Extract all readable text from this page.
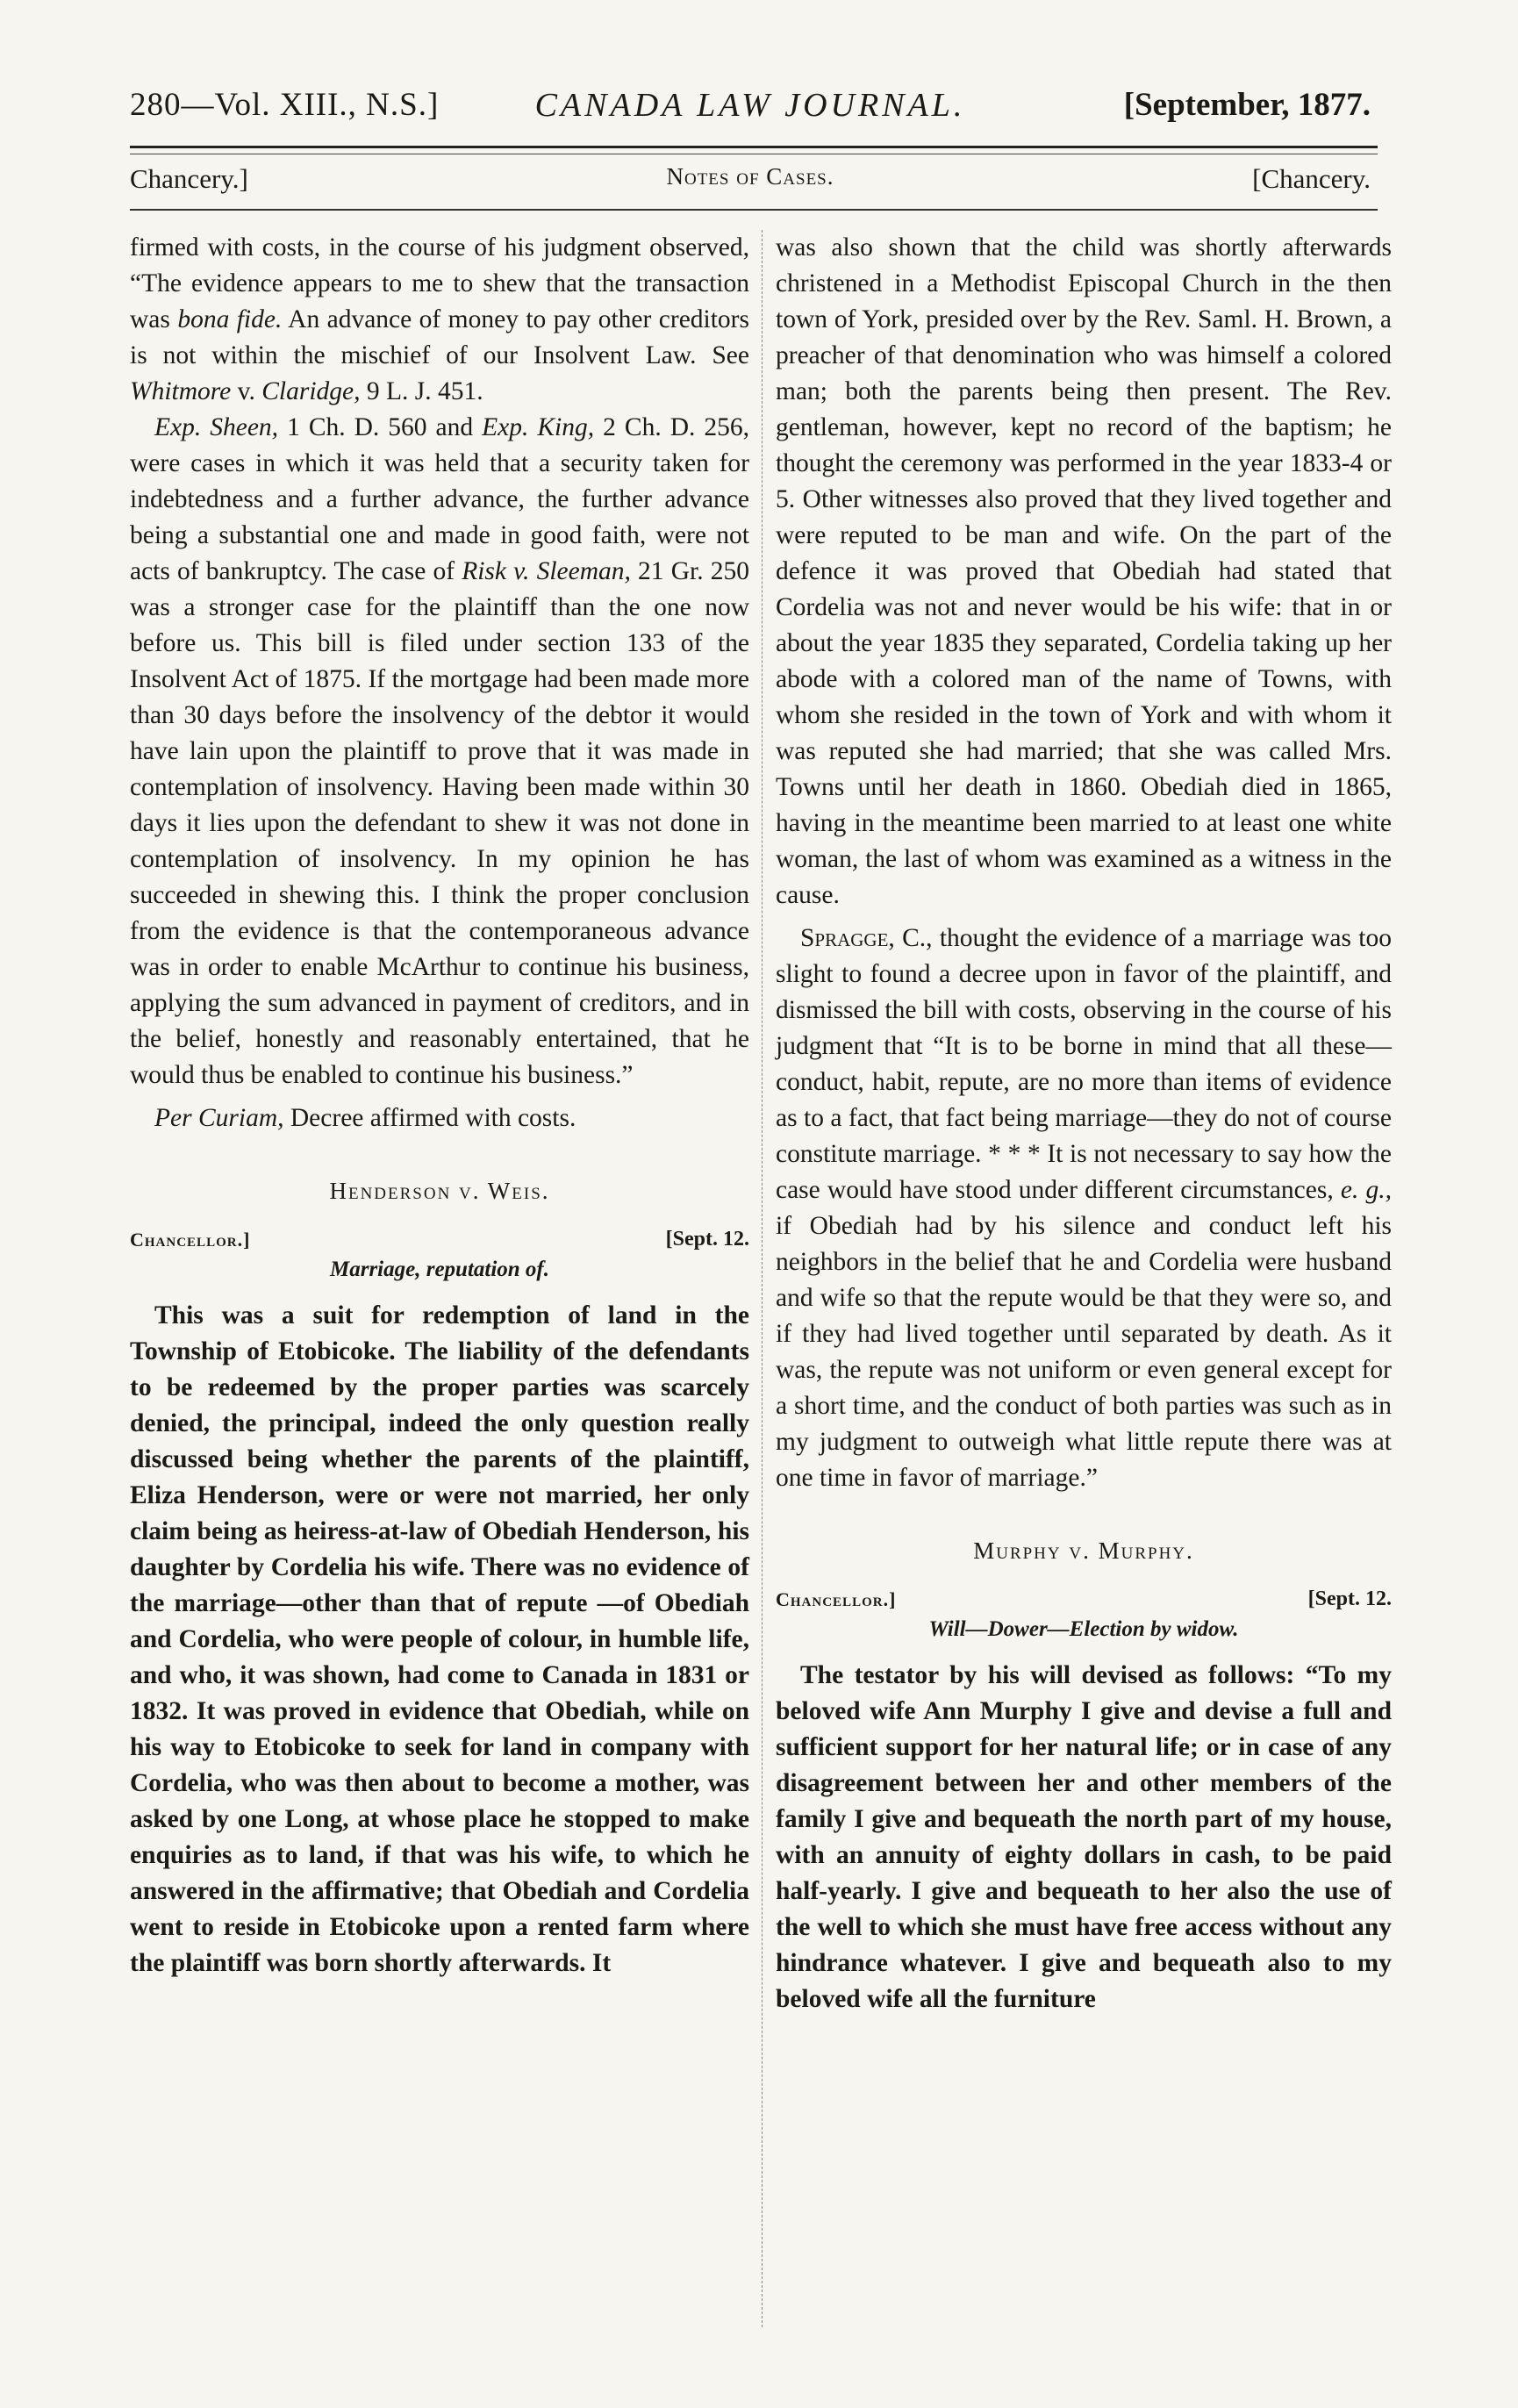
280—Vol. XIII., N.S.]	CANADA LAW JOURNAL.	[September, 1877.
Chancery.]	Notes of Cases.	[Chancery.

firmed with costs, in the course of his judgment observed, “The evidence appears to me to shew that the transaction was bona fide. An advance of money to pay other creditors is not within the mischief of our Insolvent Law. See Whitmore v. Claridge, 9 L. J. 451.

Exp. Sheen, 1 Ch. D. 560 and Exp. King, 2 Ch. D. 256, were cases in which it was held that a security taken for indebtedness and a further advance, the further advance being a substantial one and made in good faith, were not acts of bankruptcy. The case of Risk v. Sleeman, 21 Gr. 250 was a stronger case for the plaintiff than the one now before us. This bill is filed under section 133 of the Insolvent Act of 1875. If the mortgage had been made more than 30 days before the insolvency of the debtor it would have lain upon the plaintiff to prove that it was made in contemplation of insolvency. Having been made within 30 days it lies upon the defendant to shew it was not done in contemplation of insolvency. In my opinion he has succeeded in shewing this. I think the proper conclusion from the evidence is that the contemporaneous advance was in order to enable McArthur to continue his business, applying the sum advanced in payment of creditors, and in the belief, honestly and reasonably entertained, that he would thus be enabled to continue his business.”

Per Curiam, Decree affirmed with costs.

Henderson v. Weis.
Chancellor.]	[Sept. 12.
Marriage, reputation of.

This was a suit for redemption of land in the Township of Etobicoke. The liability of the defendants to be redeemed by the proper parties was scarcely denied, the principal, indeed the only question really discussed being whether the parents of the plaintiff, Eliza Henderson, were or were not married, her only claim being as heiress-at-law of Obediah Henderson, his daughter by Cordelia his wife. There was no evidence of the marriage—other than that of repute —of Obediah and Cordelia, who were people of colour, in humble life, and who, it was shown, had come to Canada in 1831 or 1832. It was proved in evidence that Obediah, while on his way to Etobicoke to seek for land in company with Cordelia, who was then about to become a mother, was asked by one Long, at whose place he stopped to make enquiries as to land, if that was his wife, to which he answered in the affirmative; that Obediah and Cordelia went to reside in Etobicoke upon a rented farm where the plaintiff was born shortly afterwards. It

was also shown that the child was shortly afterwards christened in a Methodist Episcopal Church in the then town of York, presided over by the Rev. Saml. H. Brown, a preacher of that denomination who was himself a colored man; both the parents being then present. The Rev. gentleman, however, kept no record of the baptism; he thought the ceremony was performed in the year 1833-4 or 5. Other witnesses also proved that they lived together and were reputed to be man and wife. On the part of the defence it was proved that Obediah had stated that Cordelia was not and never would be his wife: that in or about the year 1835 they separated, Cordelia taking up her abode with a colored man of the name of Towns, with whom she resided in the town of York and with whom it was reputed she had married; that she was called Mrs. Towns until her death in 1860. Obediah died in 1865, having in the meantime been married to at least one white woman, the last of whom was examined as a witness in the cause.

Spragge, C., thought the evidence of a marriage was too slight to found a decree upon in favor of the plaintiff, and dismissed the bill with costs, observing in the course of his judgment that “It is to be borne in mind that all these—conduct, habit, repute, are no more than items of evidence as to a fact, that fact being marriage—they do not of course constitute marriage. * * * It is not necessary to say how the case would have stood under different circumstances, e. g., if Obediah had by his silence and conduct left his neighbors in the belief that he and Cordelia were husband and wife so that the repute would be that they were so, and if they had lived together until separated by death. As it was, the repute was not uniform or even general except for a short time, and the conduct of both parties was such as in my judgment to outweigh what little repute there was at one time in favor of marriage.”

Murphy v. Murphy.
Chancellor.]	[Sept. 12.
Will—Dower—Election by widow.

The testator by his will devised as follows: “To my beloved wife Ann Murphy I give and devise a full and sufficient support for her natural life; or in case of any disagreement between her and other members of the family I give and bequeath the north part of my house, with an annuity of eighty dollars in cash, to be paid half-yearly. I give and bequeath to her also the use of the well to which she must have free access without any hindrance whatever. I give and bequeath also to my beloved wife all the furniture
